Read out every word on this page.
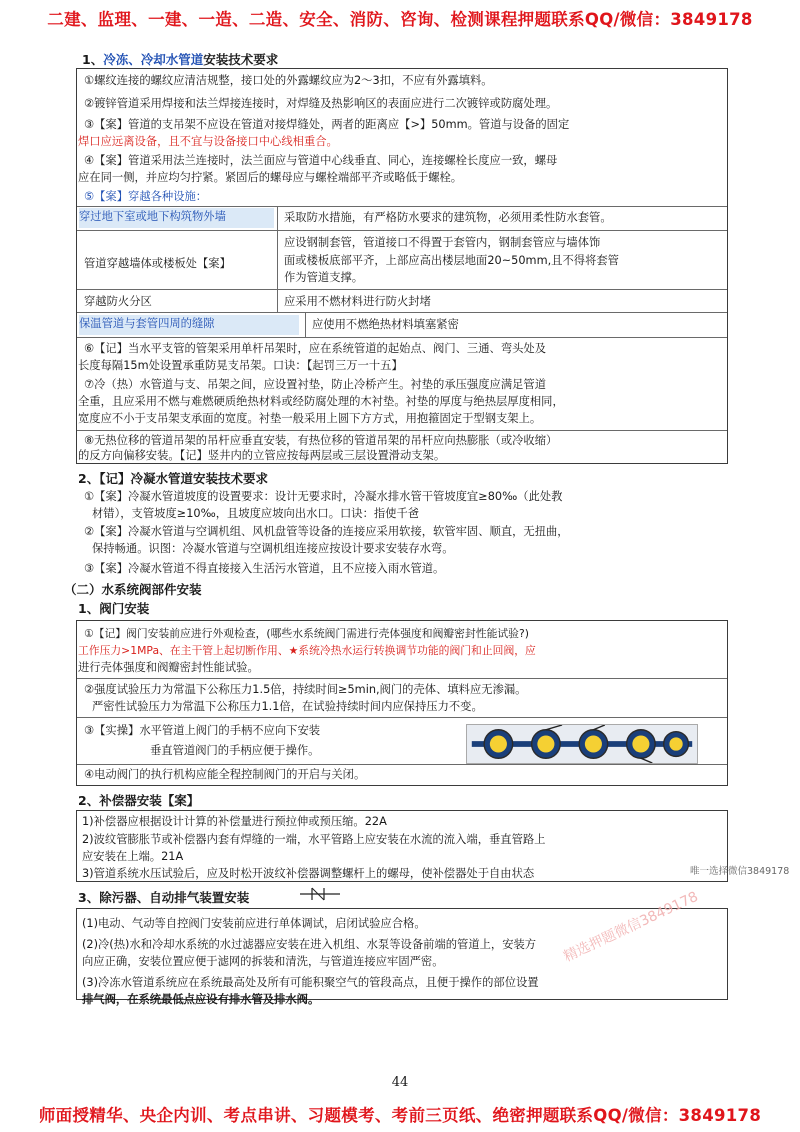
二建、监理、一建、一造、二造、安全、消防、咨询、检测课程押题联系QQ/微信：3849178
1、冷冻、冷却水管道安装技术要求
①螺纹连接的螺纹应清洁规整，接口处的外露螺纹应为2～3扣，不应有外露填料。
②镀锌管道采用焊接和法兰焊接连接时，对焊缝及热影响区的表面应进行二次镀锌或防腐处理。
③【案】管道的支吊架不应设在管道对接焊缝处，两者的距离应【>】50mm。管道与设备的固定
焊口应远离设备，且不宜与设备接口中心线相重合。
④【案】管道采用法兰连接时，法兰面应与管道中心线垂直、同心，连接螺栓长度应一致，螺母
应在同一侧，并应均匀拧紧。紧固后的螺母应与螺栓端部平齐或略低于螺栓。
⑤【案】穿越各种设施：
穿过地下室或地下构筑物外墙	采取防水措施，有严格防水要求的建筑物，必须用柔性防水套管。
管道穿越墙体或楼板处【案】
应设钢制套管，管道接口不得置于套管内，钢制套管应与墙体饰
面或楼板底部平齐，上部应高出楼层地面20~50mm,且不得将套管
作为管道支撑。
穿越防火分区	应采用不燃材料进行防火封堵
保温管道与套管四周的缝隙	应使用不燃绝热材料填塞紧密
⑥【记】当水平支管的管架采用单杆吊架时，应在系统管道的起始点、阀门、三通、弯头处及
长度每隔15m处设置承重防晃支吊架。口诀：【起罚三万一十五】
⑦冷（热）水管道与支、吊架之间，应设置衬垫，防止冷桥产生。衬垫的承压强度应满足管道
全重，且应采用不燃与难燃硬质绝热材料或经防腐处理的木衬垫。衬垫的厚度与绝热层厚度相同，
宽度应不小于支吊架支承面的宽度。衬垫一般采用上圆下方方式，用抱箍固定于型钢支架上。
⑧无热位移的管道吊架的吊杆应垂直安装，有热位移的管道吊架的吊杆应向热膨胀（或冷收缩）
的反方向偏移安装。【记】竖井内的立管应按每两层或三层设置滑动支架。
2、【记】冷凝水管道安装技术要求
①【案】冷凝水管道坡度的设置要求：设计无要求时，冷凝水排水管干管坡度宜≥80‰（此处教
材错），支管坡度≥10‰，且坡度应坡向出水口。口诀：指使千爸
②【案】冷凝水管道与空调机组、风机盘管等设备的连接应采用软接，软管牢固、顺直，无扭曲，
保持畅通。识图：冷凝水管道与空调机组连接应按设计要求安装存水弯。
③【案】冷凝水管道不得直接接入生活污水管道，且不应接入雨水管道。
（二）水系统阀部件安装
1、阀门安装
①【记】阀门安装前应进行外观检查，(哪些水系统阀门需进行壳体强度和阀瓣密封性能试验?)
工作压力>1MPa、在主干管上起切断作用、★系统冷热水运行转换调节功能的阀门和止回阀，应
进行壳体强度和阀瓣密封性能试验。
②强度试验压力为常温下公称压力1.5倍，持续时间≥5min,阀门的壳体、填料应无渗漏。
严密性试验压力为常温下公称压力1.1倍，在试验持续时间内应保持压力不变。
③【实操】水平管道上阀门的手柄不应向下安装
垂直管道阀门的手柄应便于操作。
④电动阀门的执行机构应能全程控制阀门的开启与关闭。
2、补偿器安装【案】
1)补偿器应根据设计计算的补偿量进行预拉伸或预压缩。22A
2)波纹管膨胀节或补偿器内套有焊缝的一端，水平管路上应安装在水流的流入端，垂直管路上
应安装在上端。21A
3)管道系统水压试验后，应及时松开波纹补偿器调整螺杆上的螺母，使补偿器处于自由状态	唯一选择微信3849178
3、除污器、自动排气装置安装
(1)电动、气动等自控阀门安装前应进行单体调试，启闭试验应合格。
(2)冷(热)水和冷却水系统的水过滤器应安装在进入机组、水泵等设备前端的管道上，安装方
向应正确，安装位置应便于滤网的拆装和清洗，与管道连接应牢固严密。
(3)冷冻水管道系统应在系统最高处及所有可能积聚空气的管段高点，且便于操作的部位设置
排气阀，在系统最低点应设有排水管及排水阀。
精选押题微信3849178
44
师面授精华、央企内训、考点串讲、习题模考、考前三页纸、绝密押题联系QQ/微信：3849178
